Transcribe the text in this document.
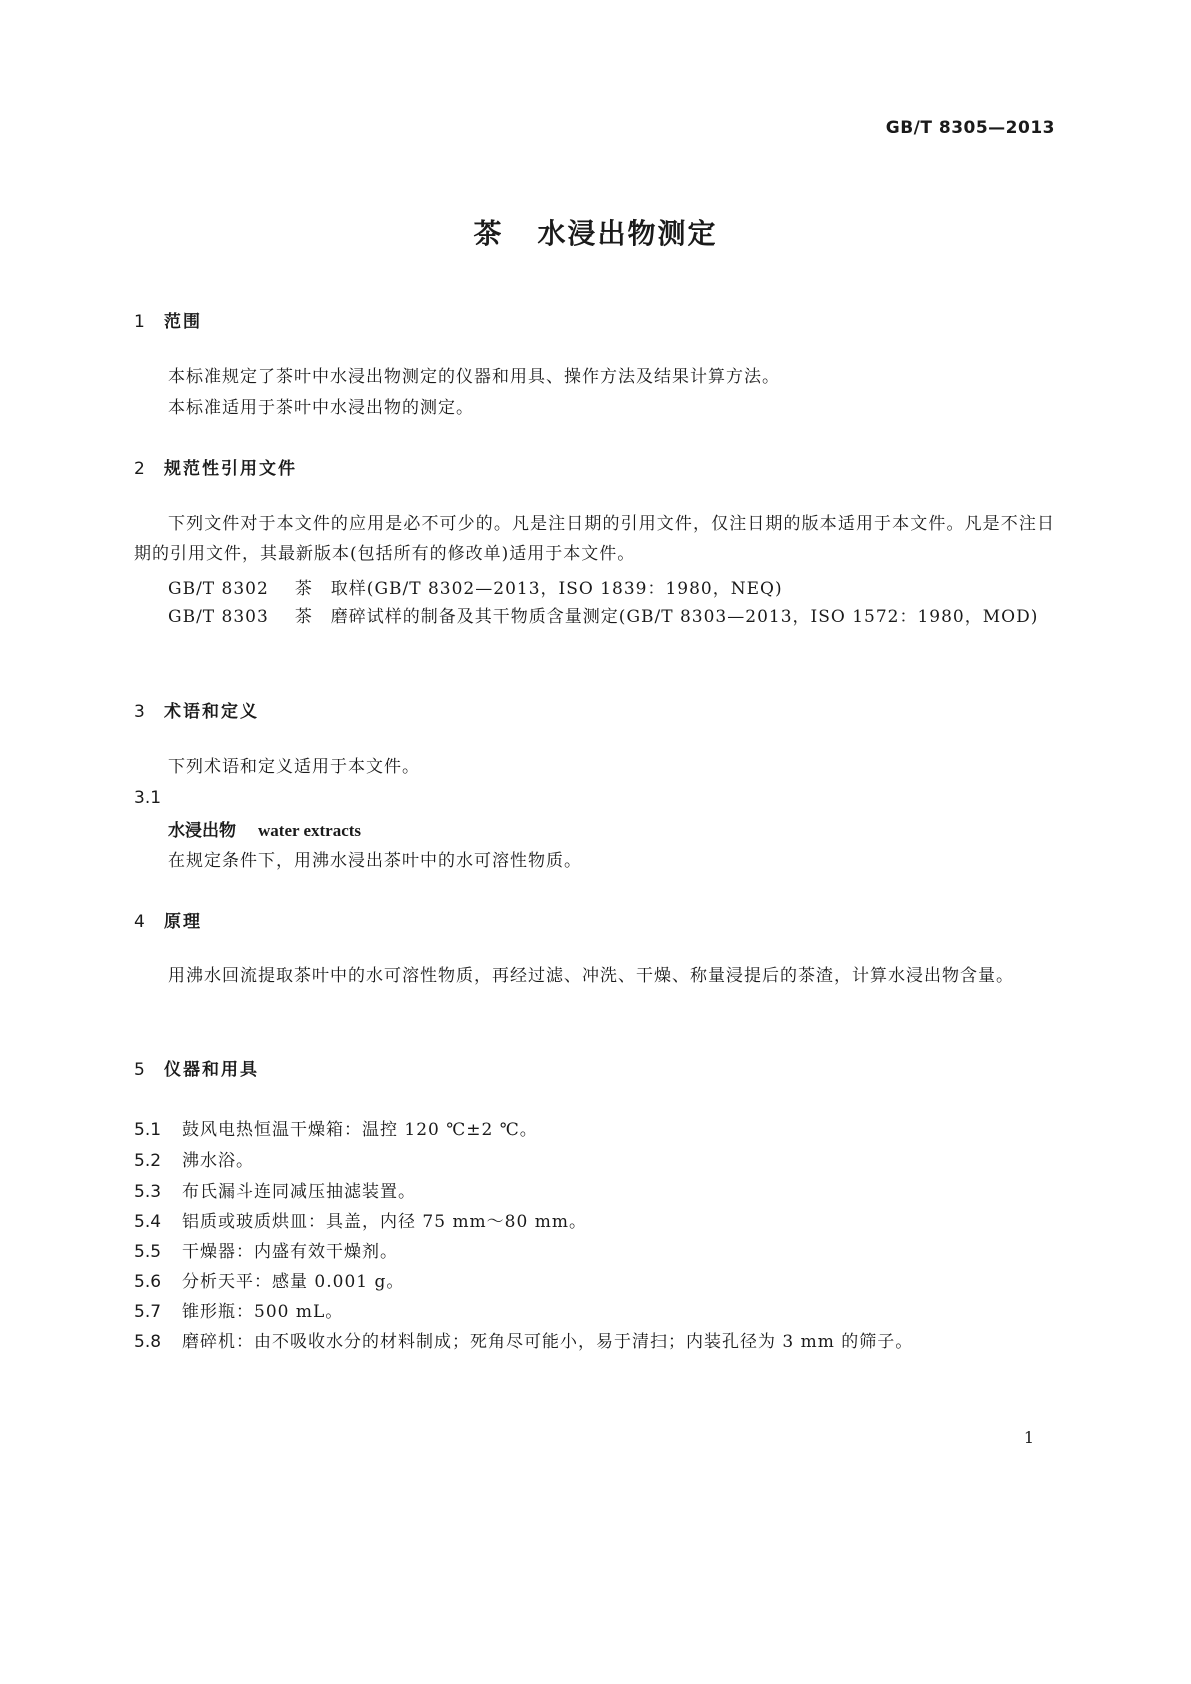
GB/T 8305—2013
茶 水浸出物测定
1 范围
本标准规定了茶叶中水浸出物测定的仪器和用具、操作方法及结果计算方法。
本标准适用于茶叶中水浸出物的测定。
2 规范性引用文件
下列文件对于本文件的应用是必不可少的。凡是注日期的引用文件，仅注日期的版本适用于本文件。凡是不注日期的引用文件，其最新版本(包括所有的修改单)适用于本文件。
GB/T 8302 茶　取样(GB/T 8302—2013，ISO 1839：1980，NEQ)
GB/T 8303 茶　磨碎试样的制备及其干物质含量测定(GB/T 8303—2013，ISO 1572：1980，MOD)
3 术语和定义
下列术语和定义适用于本文件。
3.1
水浸出物 water extracts
在规定条件下，用沸水浸出茶叶中的水可溶性物质。
4 原理
用沸水回流提取茶叶中的水可溶性物质，再经过滤、冲洗、干燥、称量浸提后的茶渣，计算水浸出物含量。
5 仪器和用具
5.1 鼓风电热恒温干燥箱：温控 120 ℃±2 ℃。
5.2 沸水浴。
5.3 布氏漏斗连同减压抽滤装置。
5.4 铝质或玻质烘皿：具盖，内径 75 mm～80 mm。
5.5 干燥器：内盛有效干燥剂。
5.6 分析天平：感量 0.001 g。
5.7 锥形瓶：500 mL。
5.8 磨碎机：由不吸收水分的材料制成；死角尽可能小，易于清扫；内装孔径为 3 mm 的筛子。
1
